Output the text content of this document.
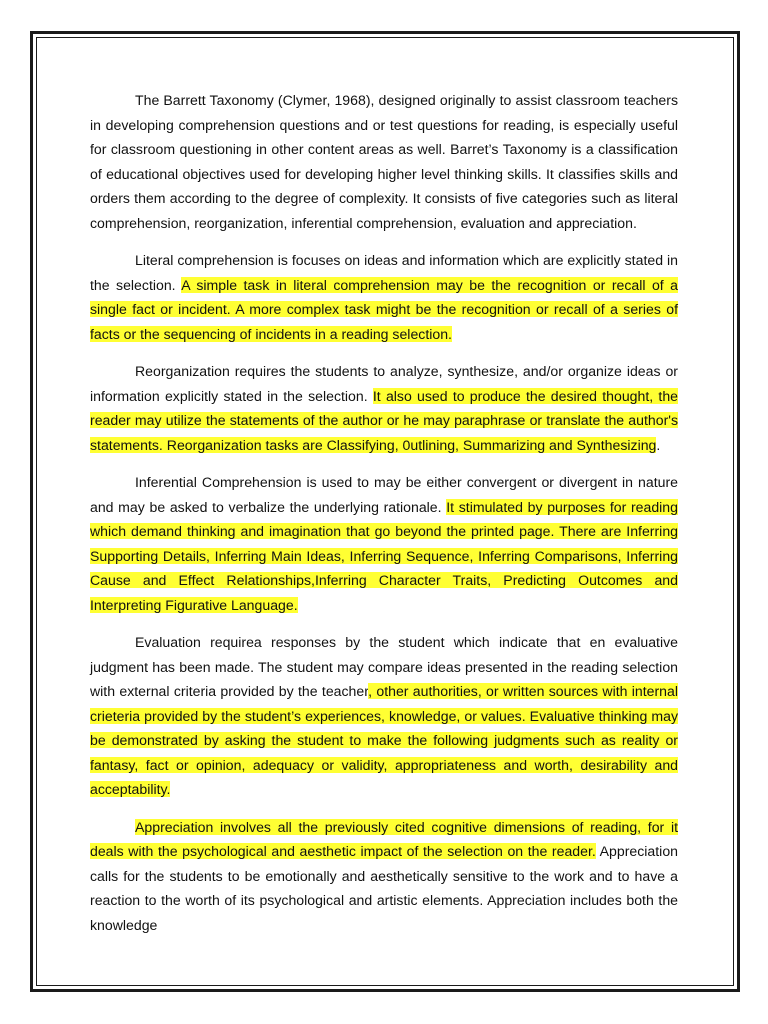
The Barrett Taxonomy (Clymer, 1968), designed originally to assist classroom teachers in developing comprehension questions and or test questions for reading, is especially useful for classroom questioning in other content areas as well. Barret’s Taxonomy is a classification of educational objectives used for developing higher level thinking skills. It classifies skills and orders them according to the degree of complexity. It consists of five categories such as literal comprehension, reorganization, inferential comprehension, evaluation and appreciation.

Literal comprehension is focuses on ideas and information which are explicitly stated in the selection. A simple task in literal comprehension may be the recognition or recall of a single fact or incident. A more complex task might be the recognition or recall of a series of facts or the sequencing of incidents in a reading selection.

Reorganization requires the students to analyze, synthesize, and/or organize ideas or information explicitly stated in the selection. It also used to produce the desired thought, the reader may utilize the statements of the author or he may paraphrase or translate the author's statements. Reorganization tasks are Classifying, 0utlining, Summarizing and Synthesizing.

Inferential Comprehension is used to may be either convergent or divergent in nature and may be asked to verbalize the underlying rationale. It stimulated by purposes for reading which demand thinking and imagination that go beyond the printed page. There are Inferring Supporting Details, Inferring Main Ideas, Inferring Sequence, Inferring Comparisons, Inferring Cause and Effect Relationships,Inferring Character Traits, Predicting Outcomes and Interpreting Figurative Language.

Evaluation requirea responses by the student which indicate that en evaluative judgment has been made. The student may compare ideas presented in the reading selection with external criteria provided by the teacher, other authorities, or written sources with internal crieteria provided by the student’s experiences, knowledge, or values. Evaluative thinking may be demonstrated by asking the student to make the following judgments such as reality or fantasy, fact or opinion, adequacy or validity, appropriateness and worth, desirability and acceptability.

Appreciation involves all the previously cited cognitive dimensions of reading, for it deals with the psychological and aesthetic impact of the selection on the reader. Appreciation calls for the students to be emotionally and aesthetically sensitive to the work and to have a reaction to the worth of its psychological and artistic elements. Appreciation includes both the knowledge
